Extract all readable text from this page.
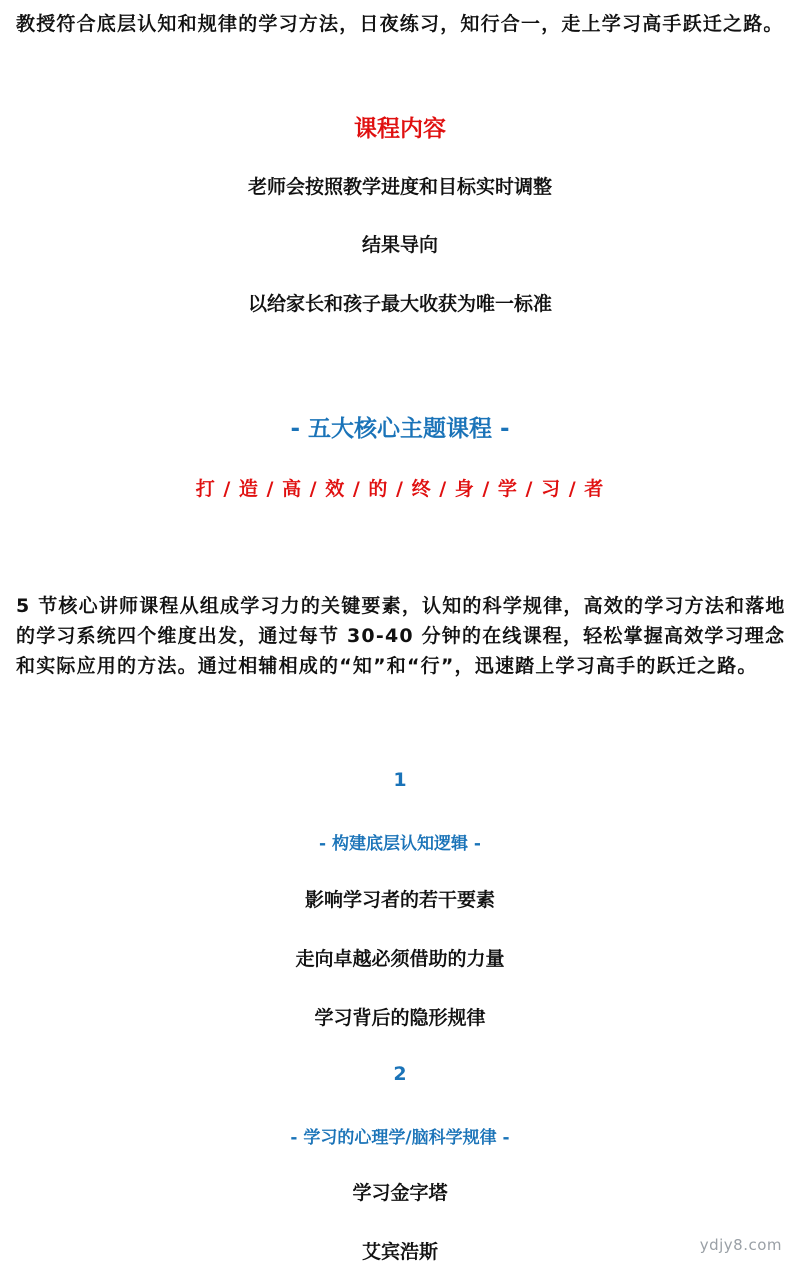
教授符合底层认知和规律的学习方法，日夜练习，知行合一，走上学习高手跃迁之路。

课程内容
老师会按照教学进度和目标实时调整
结果导向
以给家长和孩子最大收获为唯一标准
- 五大核心主题课程 -
打 / 造 / 高 / 效 / 的 / 终 / 身 / 学 / 习 / 者

5 节核心讲师课程从组成学习力的关键要素，认知的科学规律，高效的学习方法和落地的学习系统四个维度出发，通过每节 30-40 分钟的在线课程，轻松掌握高效学习理念和实际应用的方法。通过相辅相成的“知”和“行”，迅速踏上学习高手的跃迁之路。

1
- 构建底层认知逻辑 -
影响学习者的若干要素
走向卓越必须借助的力量
学习背后的隐形规律
2
- 学习的心理学/脑科学规律 -
学习金字塔
艾宾浩斯	ydjy8.com
